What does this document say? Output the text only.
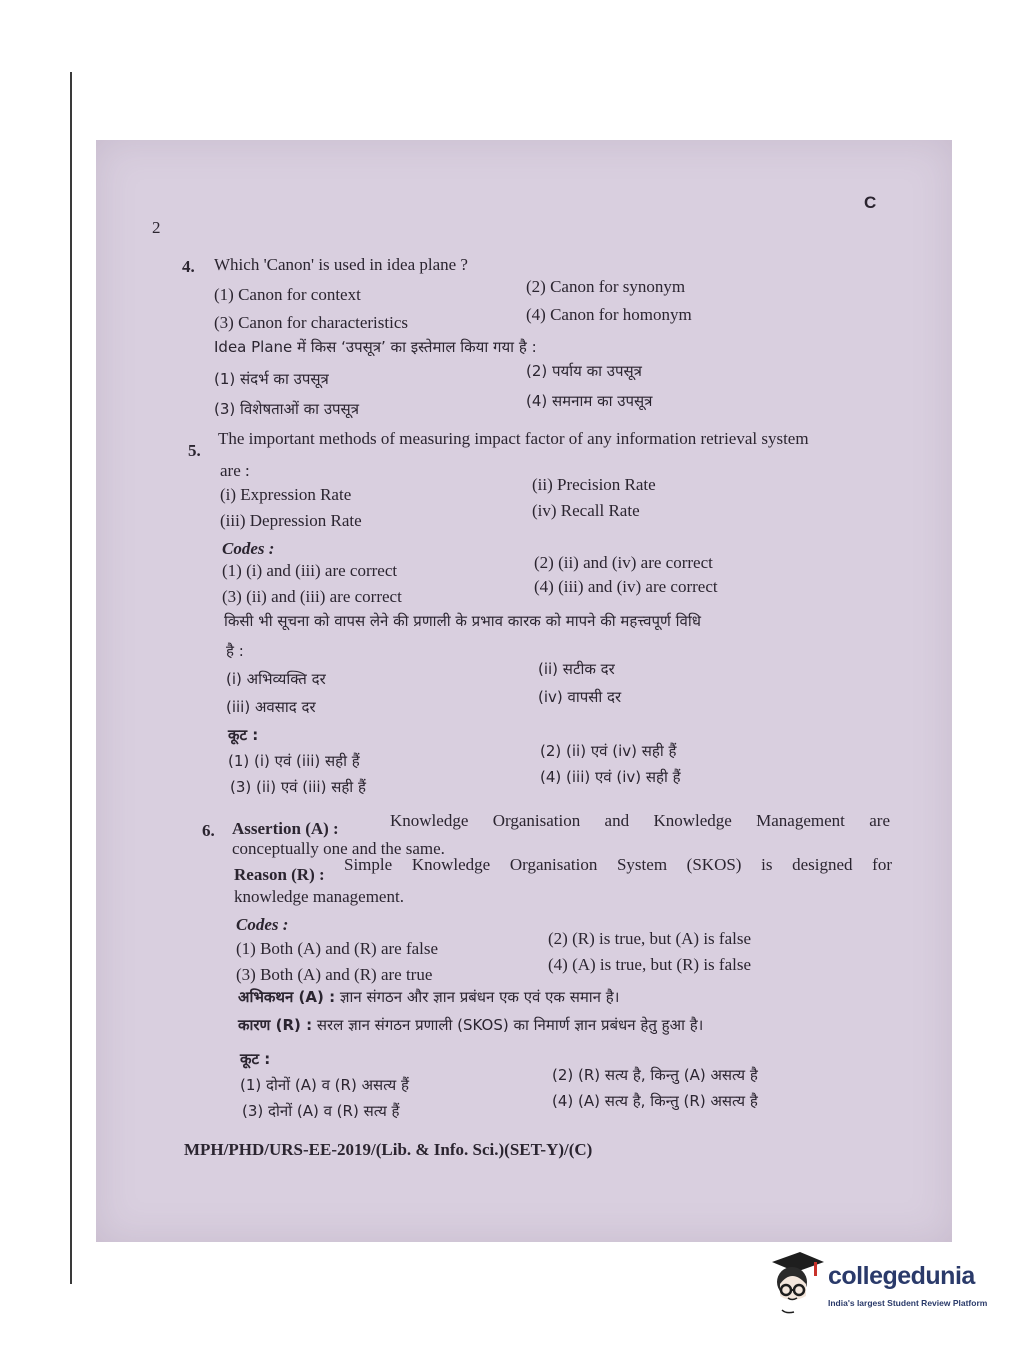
2
C
4. Which 'Canon' is used in idea plane ?
(1) Canon for context	(2) Canon for synonym
(3) Canon for characteristics	(4) Canon for homonym
Idea Plane में किस ‘उपसूत्र’ का इस्तेमाल किया गया है :
(1) संदर्भ का उपसूत्र	(2) पर्याय का उपसूत्र
(3) विशेषताओं का उपसूत्र	(4) समनाम का उपसूत्र
5.
The important methods of measuring impact factor of any information retrieval system
are :
(i) Expression Rate
(ii) Precision Rate
(iii) Depression Rate
(iv) Recall Rate
Codes :
(1) (i) and (iii) are correct	(2) (ii) and (iv) are correct
(3) (ii) and (iii) are correct
(4) (iii) and (iv) are correct
किसी भी सूचना को वापस लेने की प्रणाली के प्रभाव कारक को मापने की महत्त्वपूर्ण विधि
है :
(i) अभिव्यक्ति दर
(ii) सटीक दर
(iii) अवसाद दर
(iv) वापसी दर
कूट :
(1) (i) एवं (iii) सही हैं
(2) (ii) एवं (iv) सही हैं
(3) (ii) एवं (iii) सही हैं
(4) (iii) एवं (iv) सही हैं
6. Assertion (A) :	Knowledge Organisation and Knowledge Management are
conceptually one and the same.
Reason (R) :
Simple Knowledge Organisation System (SKOS) is designed for
knowledge management.
Codes :
(1) Both (A) and (R) are false
(2) (R) is true, but (A) is false
(3) Both (A) and (R) are true
(4) (A) is true, but (R) is false
अभिकथन (A) : ज्ञान संगठन और ज्ञान प्रबंधन एक एवं एक समान है।
कारण (R) : सरल ज्ञान संगठन प्रणाली (SKOS) का निमार्ण ज्ञान प्रबंधन हेतु हुआ है।
कूट :
(1) दोनों (A) व (R) असत्य हैं
(2) (R) सत्य है, किन्तु (A) असत्य है
(3) दोनों (A) व (R) सत्य हैं
(4) (A) सत्य है, किन्तु (R) असत्य है
MPH/PHD/URS-EE-2019/(Lib. & Info. Sci.)(SET-Y)/(C)
collegedunia
India's largest Student Review Platform
